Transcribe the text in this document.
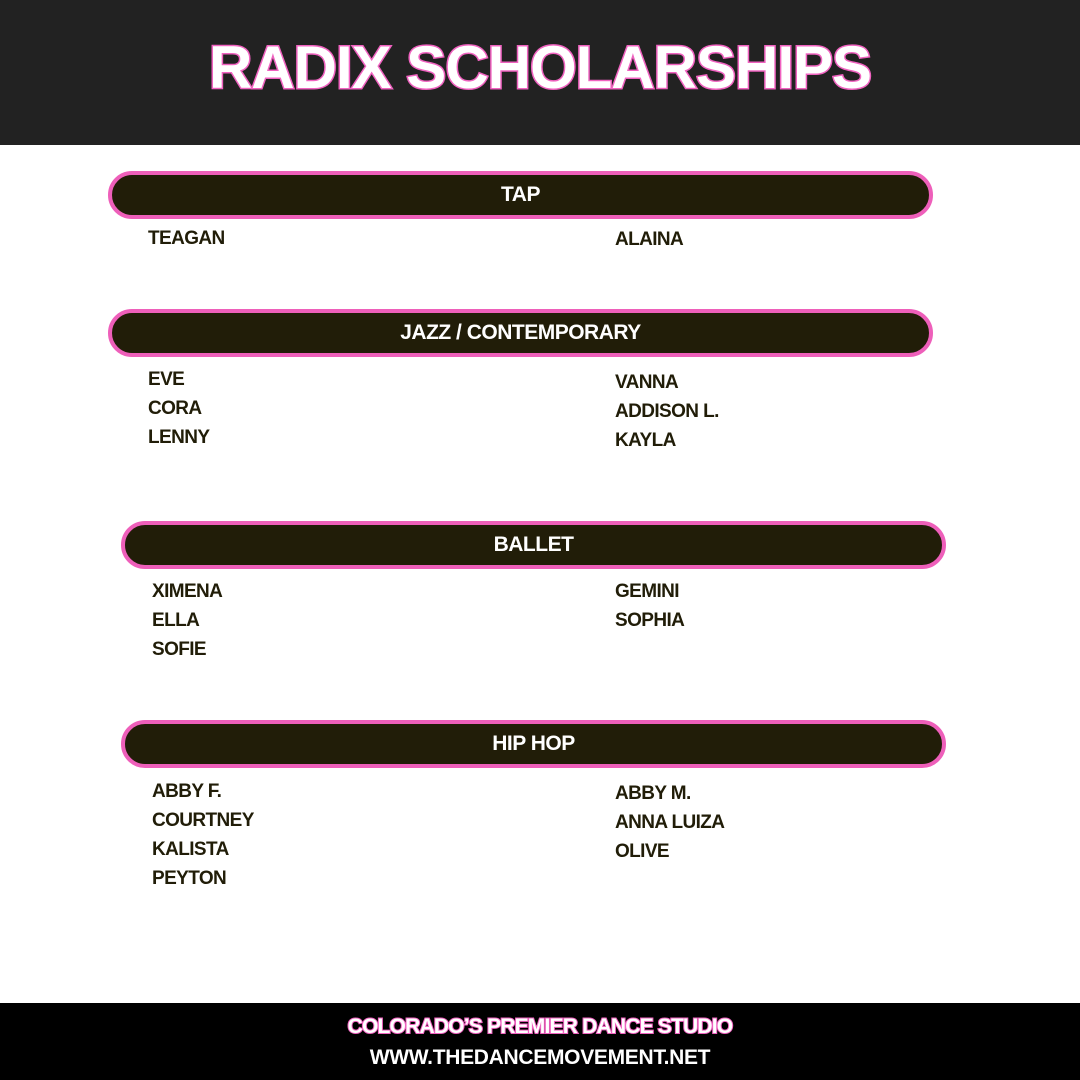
RADIX SCHOLARSHIPS
TAP
TEAGAN	ALAINA
JAZZ / CONTEMPORARY
EVE
CORA
LENNY
VANNA
ADDISON L.
KAYLA
BALLET
XIMENA
ELLA
SOFIE
GEMINI
SOPHIA
HIP HOP
ABBY F.
COURTNEY
KALISTA
PEYTON
ABBY M.
ANNA LUIZA
OLIVE
COLORADO’S PREMIER DANCE STUDIO
WWW.THEDANCEMOVEMENT.NET
